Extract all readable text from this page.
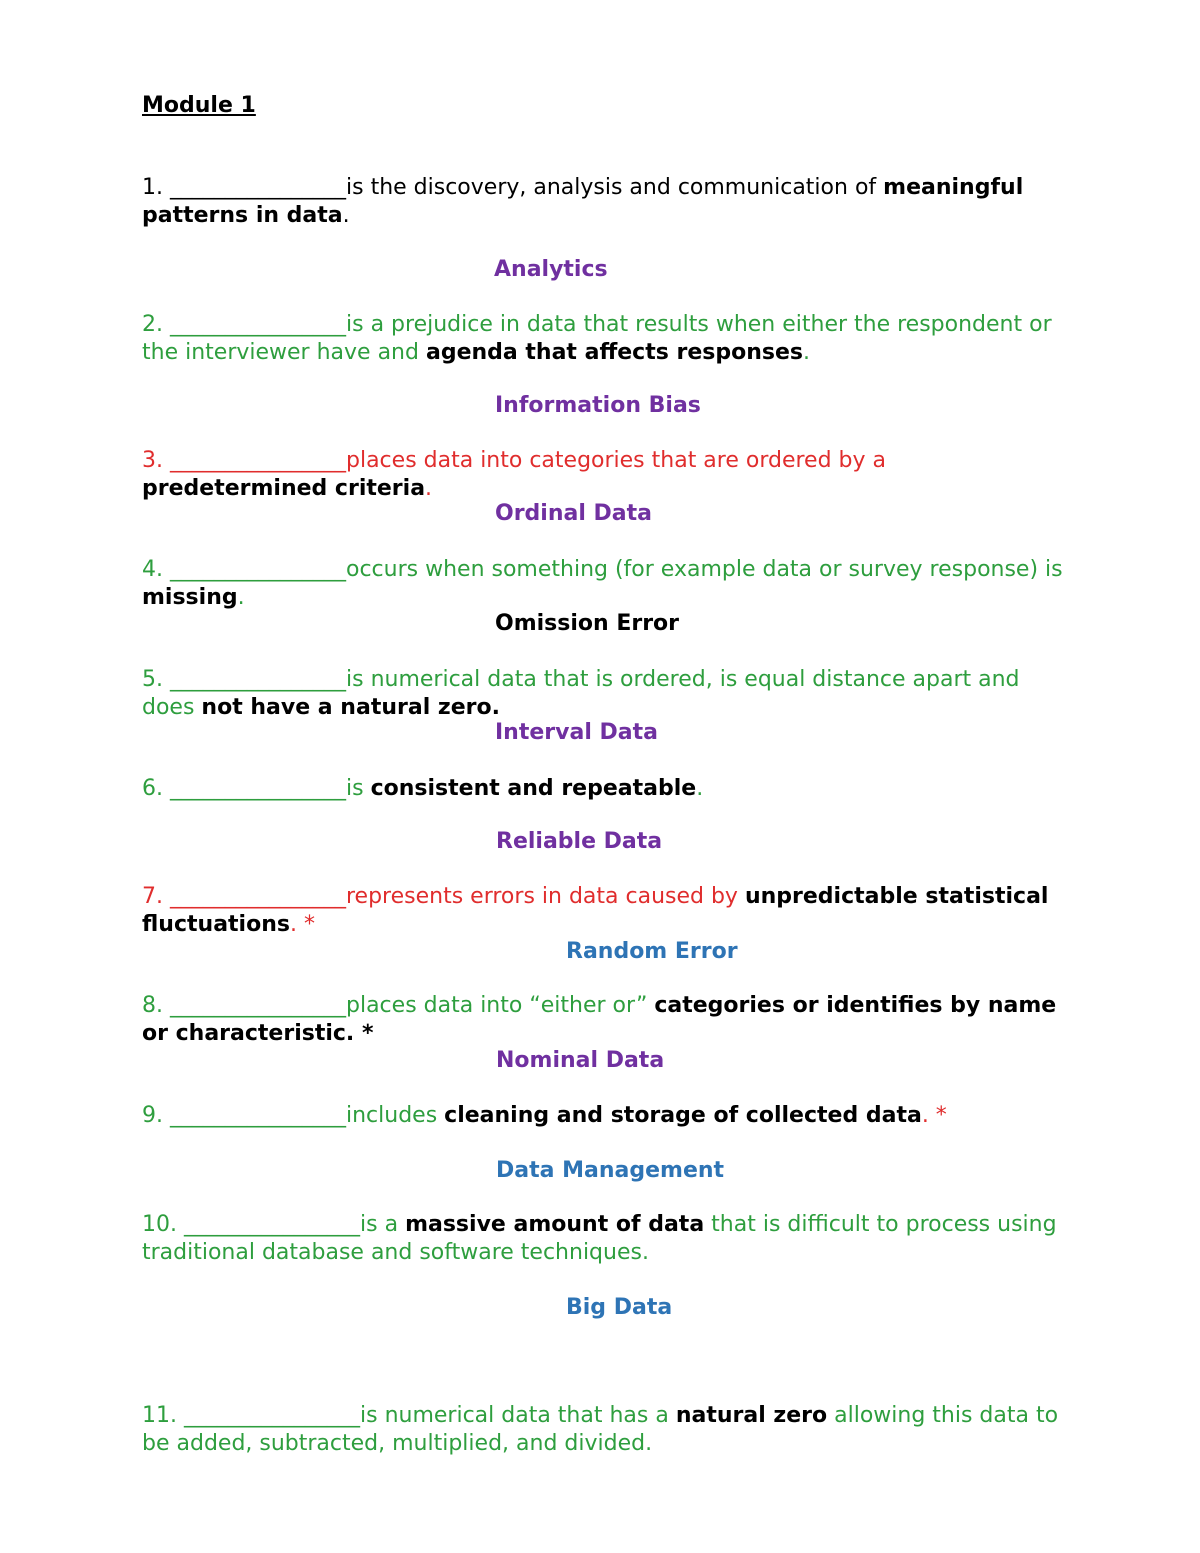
Module 1
1. ________________is the discovery, analysis and communication of meaningful patterns in data.
Analytics
2. ________________is a prejudice in data that results when either the respondent or the interviewer have and agenda that affects responses.
Information Bias
3. ________________places data into categories that are ordered by a predetermined criteria.
Ordinal Data
4. ________________occurs when something (for example data or survey response) is missing.
Omission Error
5. ________________is numerical data that is ordered, is equal distance apart and does not have a natural zero.
Interval Data
6. ________________is consistent and repeatable.
Reliable Data
7. ________________represents errors in data caused by unpredictable statistical fluctuations. *
Random Error
8. ________________places data into “either or” categories or identifies by name or characteristic. *
Nominal Data
9. ________________includes cleaning and storage of collected data. *
Data Management
10. ________________is a massive amount of data that is difficult to process using traditional database and software techniques.
Big Data
11. ________________is numerical data that has a natural zero allowing this data to be added, subtracted, multiplied, and divided.
